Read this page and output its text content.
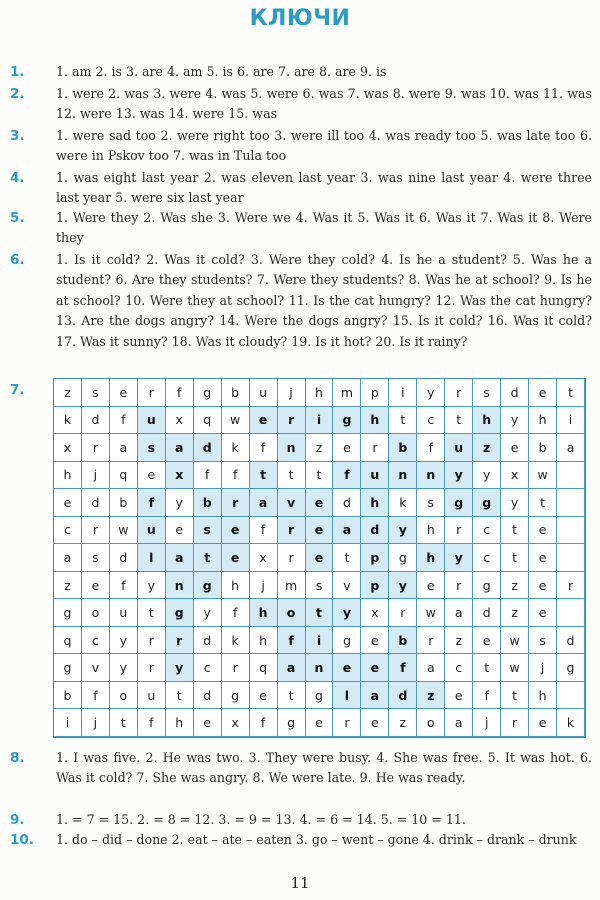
КЛЮЧИ
1.	1. am 2. is 3. are 4. am 5. is 6. are 7. are 8. are 9. is
2.	1. were 2. was 3. were 4. was 5. were 6. was 7. was 8. were 9. was 10. was 11. was 12. were 13. was 14. were 15. was
3.	1. were sad too 2. were right too 3. were ill too 4. was ready too 5. was late too 6. were in Pskov too 7. was in Tula too
4.	1. was eight last year 2. was eleven last year 3. was nine last year 4. were three last year 5. were six last year
5.	1. Were they 2. Was she 3. Were we 4. Was it 5. Was it 6. Was it 7. Was it 8. Were they
6.	1. Is it cold? 2. Was it cold? 3. Were they cold? 4. Is he a student? 5. Was he a student? 6. Are they students? 7. Were they students? 8. Was he at school? 9. Is he at school? 10. Were they at school? 11. Is the cat hungry? 12. Was the cat hungry? 13. Are the dogs angry? 14. Were the dogs angry? 15. Is it cold? 16. Was it cold? 17. Was it sunny? 18. Was it cloudy? 19. Is it hot? 20. Is it rainy?
7.	z	s	e	r	f	g	b	u	j	h	m	p	i	y	r	s	d	e	t
k	d	f	u	x	q	w	e	r	i	g	h	t	c	t	h	y	h	i
x	r	a	s	a	d	k	f	n	z	e	r	b	f	u	z	e	b	a
h	j	q	e	x	f	f	t	t	t	f	u	n	n	y	y	x	w
e	d	b	f	y	b	r	a	v	e	d	h	k	s	g	g	y	t
c	r	w	u	e	s	e	f	r	e	a	d	y	h	r	c	t	e
a	s	d	l	a	t	e	x	r	e	t	p	g	h	y	c	t	e
z	e	f	y	n	g	h	j	m	s	v	p	y	e	r	g	z	e	r
g	o	u	t	g	y	f	h	o	t	y	x	r	w	a	d	z	e
q	c	y	r	r	d	k	h	f	i	g	e	b	r	z	e	w	s	d
g	v	y	r	y	c	r	q	a	n	e	e	f	a	c	t	w	j	g
b	f	o	u	t	d	g	e	t	g	l	a	d	z	e	f	t	h
i	j	t	f	h	e	x	f	g	e	r	e	z	o	a	j	r	e	k
8.	1. I was five. 2. He was two. 3. They were busy. 4. She was free. 5. It was hot. 6. Was it cold? 7. She was angry. 8. We were late. 9. He was ready.
9.	1. = 7 = 15. 2. = 8 = 12. 3. = 9 = 13. 4. = 6 = 14. 5. = 10 = 11.
10. 1. do – did – done 2. eat – ate – eaten 3. go – went – gone 4. drink – drank – drunk
11
